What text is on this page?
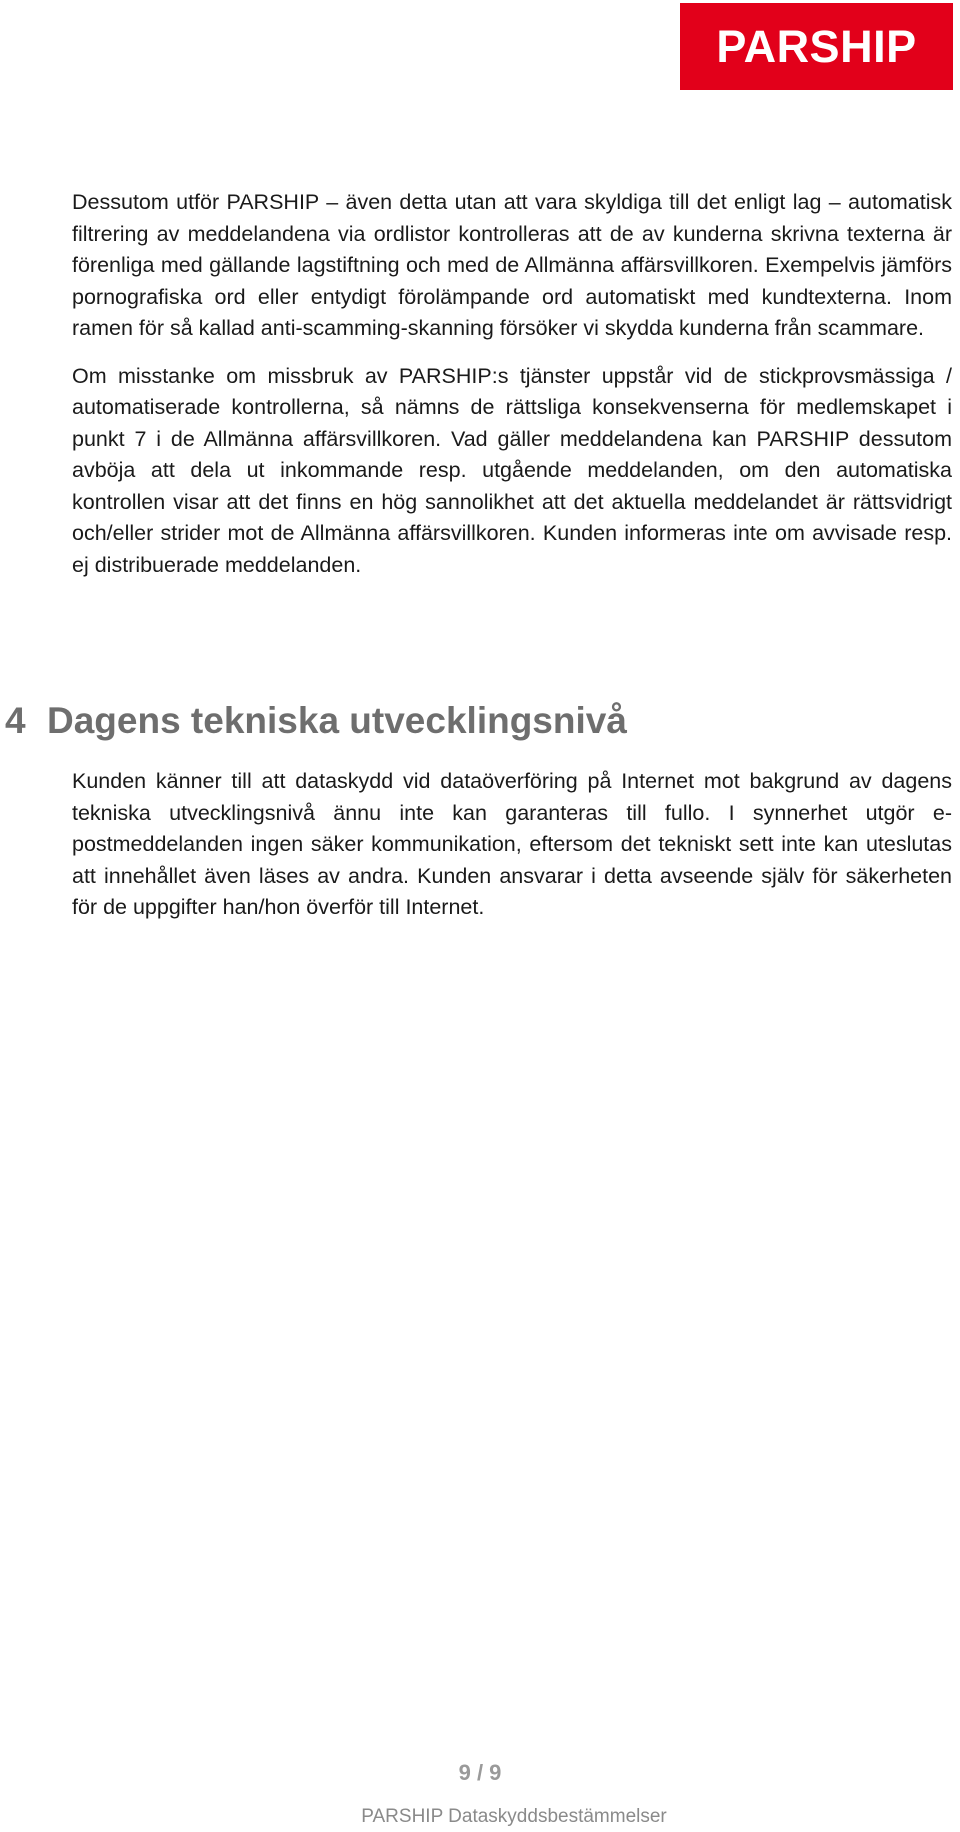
PARSHIP

Dessutom utför PARSHIP – även detta utan att vara skyldiga till det enligt lag – automatisk filtrering av meddelandena via ordlistor kontrolleras att de av kunderna skrivna texterna är förenliga med gällande lagstiftning och med de Allmänna affärsvillkoren. Exempelvis jämförs pornografiska ord eller entydigt förolämpande ord automatiskt med kundtexterna. Inom ramen för så kallad anti-scamming-skanning försöker vi skydda kunderna från scammare.

Om misstanke om missbruk av PARSHIP:s tjänster uppstår vid de stickprovsmässiga / automatiserade kontrollerna, så nämns de rättsliga konsekvenserna för medlemskapet i punkt 7 i de Allmänna affärsvillkoren. Vad gäller meddelandena kan PARSHIP dessutom avböja att dela ut inkommande resp. utgående meddelanden, om den automatiska kontrollen visar att det finns en hög sannolikhet att det aktuella meddelandet är rättsvidrigt och/eller strider mot de Allmänna affärsvillkoren. Kunden informeras inte om avvisade resp. ej distribuerade meddelanden.

4 Dagens tekniska utvecklingsnivå

Kunden känner till att dataskydd vid dataöverföring på Internet mot bakgrund av dagens tekniska utvecklingsnivå ännu inte kan garanteras till fullo. I synnerhet utgör e-postmeddelanden ingen säker kommunikation, eftersom det tekniskt sett inte kan uteslutas att innehållet även läses av andra. Kunden ansvarar i detta avseende själv för säkerheten för de uppgifter han/hon överför till Internet.

9 / 9
PARSHIP Dataskyddsbestämmelser
